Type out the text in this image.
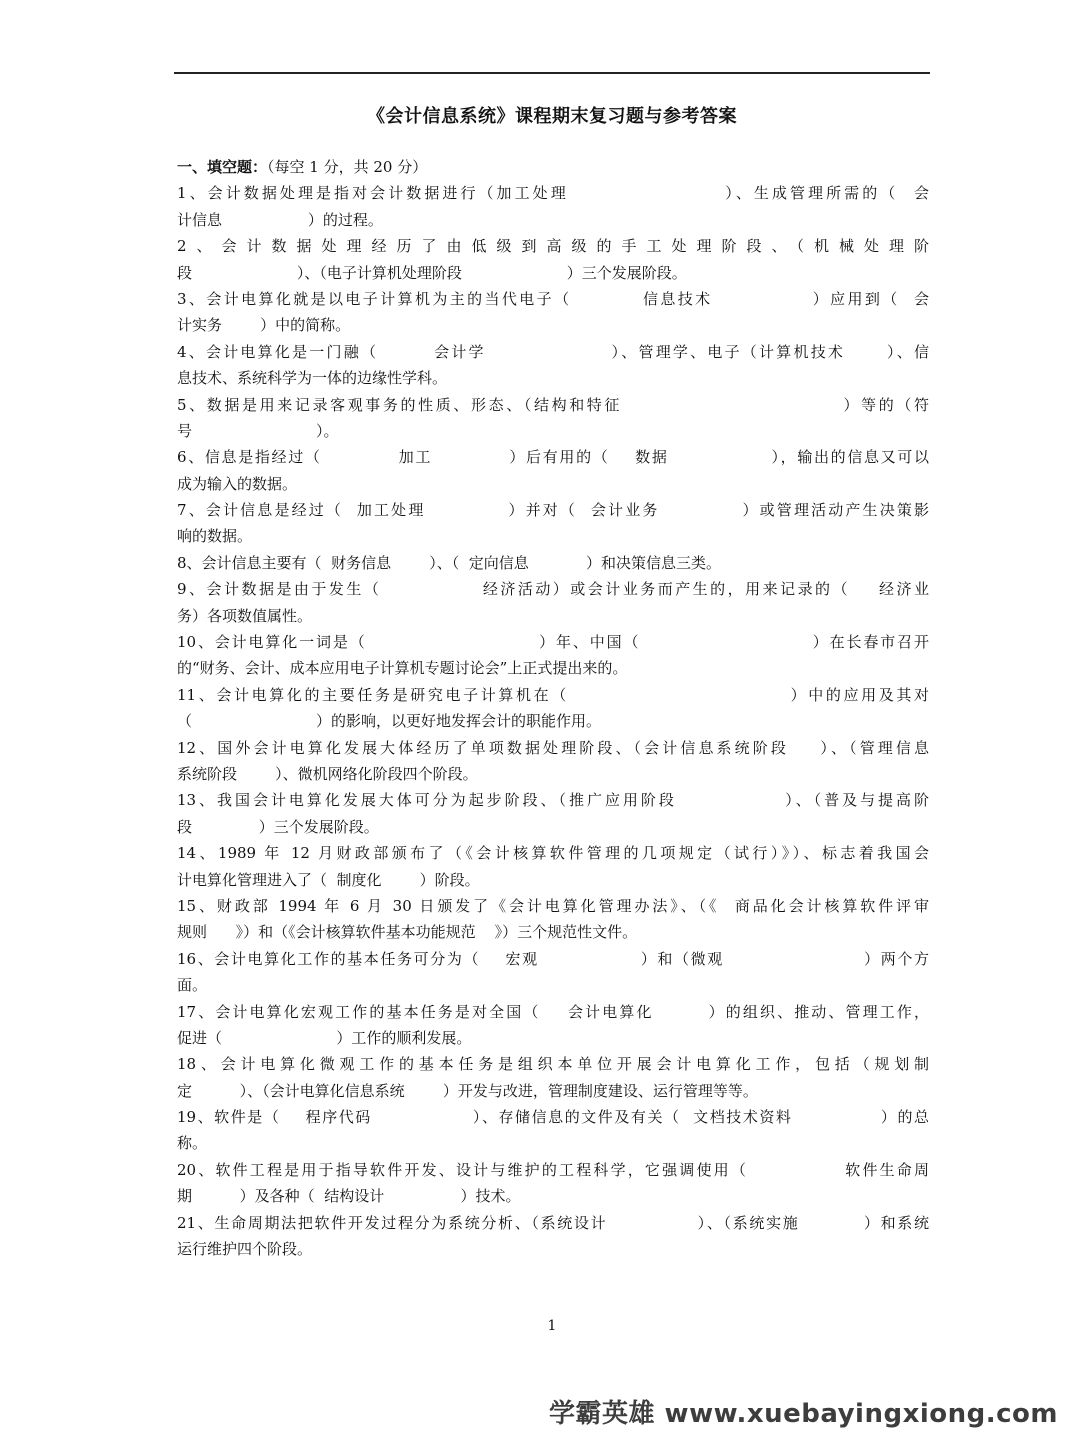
《会计信息系统》课程期末复习题与参考答案
一、填空题：（每空 1 分，共 20 分）
1、会计数据处理是指对会计数据进行（加工处理                    ）、生成管理所需的（  会
计信息                  ）的过程。
2、会计数据处理经历了由低级到高级的手工处理阶段、（机械处理阶
段                      ）、（电子计算机处理阶段                      ）三个发展阶段。
3、会计电算化就是以电子计算机为主的当代电子（          信息技术              ）应用到（  会
计实务        ）中的简称。
4、会计电算化是一门融（        会计学                  ）、管理学、电子（计算机技术      ）、信
息技术、系统科学为一体的边缘性学科。
5、数据是用来记录客观事务的性质、形态、（结构和特征                              ）等的（符
号                          ）。
6、信息是指经过（            加工            ）后有用的（    数据                ），输出的信息又可以
成为输入的数据。
7、会计信息是经过（  加工处理            ）并对（  会计业务            ）或管理活动产生决策影
响的数据。
8、会计信息主要有（  财务信息        ）、（  定向信息            ）和决策信息三类。
9、会计数据是由于发生（              经济活动）或会计业务而产生的，用来记录的（    经济业
务）各项数值属性。
10、会计电算化一词是（                          ）年、中国（                          ）在长春市召开
的“财务、会计、成本应用电子计算机专题讨论会”上正式提出来的。
11、会计电算化的主要任务是研究电子计算机在（                              ）中的应用及其对
（                          ）的影响，以更好地发挥会计的职能作用。
12、国外会计电算化发展大体经历了单项数据处理阶段、（会计信息系统阶段    ）、（管理信息
系统阶段        ）、微机网络化阶段四个阶段。
13、我国会计电算化发展大体可分为起步阶段、（推广应用阶段              ）、（普及与提高阶
段              ）三个发展阶段。
14、1989 年 12 月财政部颁布了（《会计核算软件管理的几项规定（试行）》）、标志着我国会
计电算化管理进入了（  制度化        ）阶段。
15、财政部 1994 年 6 月 30 日颁发了《会计电算化管理办法》、（《  商品化会计核算软件评审
规则      》）和（《会计核算软件基本功能规范    》）三个规范性文件。
16、会计电算化工作的基本任务可分为（    宏观                ）和（微观                      ）两个方
面。
17、会计电算化宏观工作的基本任务是对全国（    会计电算化        ）的组织、推动、管理工作，
促进（                        ）工作的顺利发展。
18、会计电算化微观工作的基本任务是组织本单位开展会计电算化工作，包括（规划制
定          ）、（会计电算化信息系统        ）开发与改进，管理制度建设、运行管理等等。
19、软件是（    程序代码                ）、存储信息的文件及有关（  文档技术资料              ）的总
称。
20、软件工程是用于指导软件开发、设计与维护的工程科学，它强调使用（              软件生命周
期          ）及各种（  结构设计                ）技术。
21、生命周期法把软件开发过程分为系统分析、（系统设计              ）、（系统实施          ）和系统
运行维护四个阶段。
1
学霸英雄 www.xuebayingxiong.com
